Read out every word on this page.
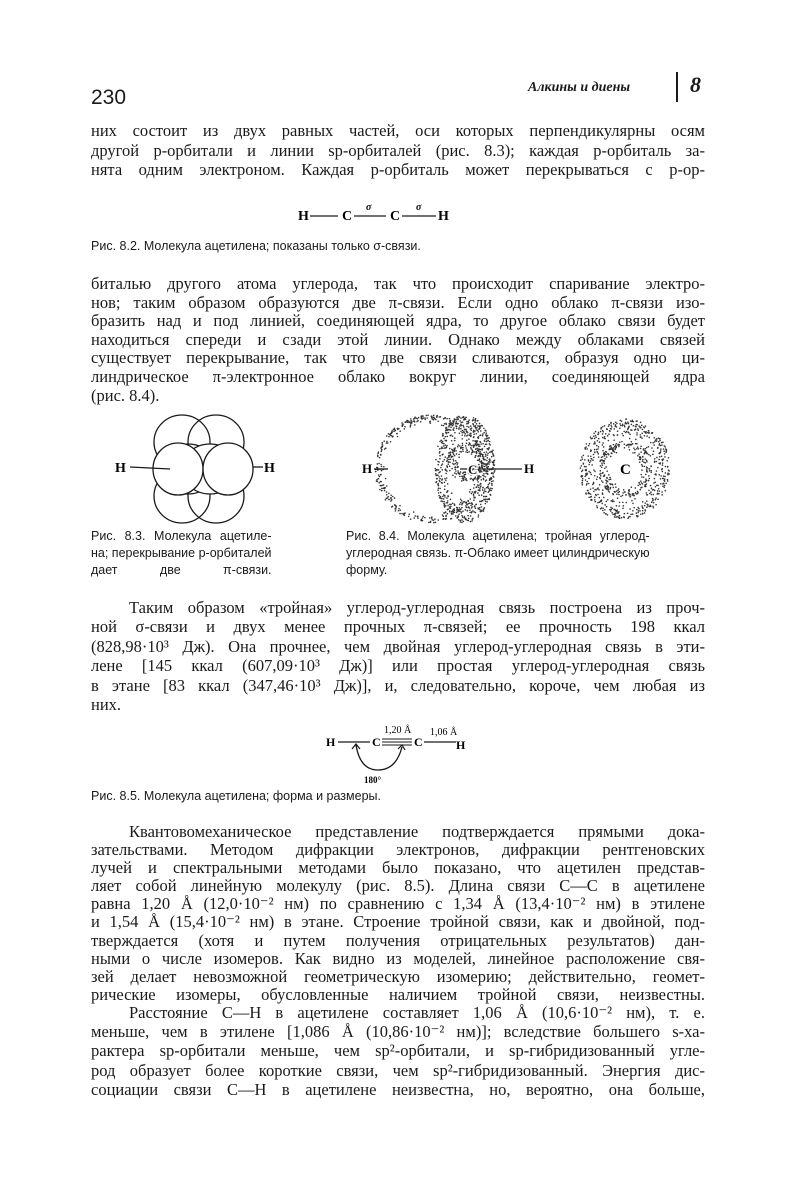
230	Алкины и диены	8
них состоит из двух равных частей, оси которых перпендикулярны осям
другой p-орбитали и линии sp-орбиталей (рис. 8.3); каждая p-орбиталь за-
нята одним электроном. Каждая p-орбиталь может перекрываться с p-ор-
H C
σ
C
σ
H
Рис. 8.2. Молекула ацетилена; показаны только σ-связи.
биталью другого атома углерода, так что происходит спаривание электро-
нов; таким образом образуются две π-связи. Если одно облако π-связи изо-
бразить над и под линией, соединяющей ядра, то другое облако связи будет
находиться спереди и сзади этой линии. Однако между облаками связей
существует перекрывание, так что две связи сливаются, образуя одно ци-
линдрическое π-электронное облако вокруг линии, соединяющей ядра
(рис. 8.4).
H	H
Рис. 8.3. Молекула ацетиле-
на; перекрывание p-орбиталей
дает две π-связи.
H	C	H	C
Рис. 8.4. Молекула ацетилена; тройная углерод-
углеродная связь. π-Облако имеет цилиндрическую
форму.
Таким образом «тройная» углерод-углеродная связь построена из проч-
ной σ-связи и двух менее прочных π-связей; ее прочность 198 ккал
(828,98·10³ Дж). Она прочнее, чем двойная углерод-углеродная связь в эти-
лене [145 ккал (607,09·10³ Дж)] или простая углерод-углеродная связь
в этане [83 ккал (347,46·10³ Дж)], и, следовательно, короче, чем любая из
них.
H	C	C	H
1,20 Å 1,06 Å
180°
Рис. 8.5. Молекула ацетилена; форма и размеры.
Квантовомеханическое представление подтверждается прямыми дока-
зательствами. Методом дифракции электронов, дифракции рентгеновских
лучей и спектральными методами было показано, что ацетилен представ-
ляет собой линейную молекулу (рис. 8.5). Длина связи C—C в ацетилене
равна 1,20 Å (12,0·10⁻² нм) по сравнению с 1,34 Å (13,4·10⁻² нм) в этилене
и 1,54 Å (15,4·10⁻² нм) в этане. Строение тройной связи, как и двойной, под-
тверждается (хотя и путем получения отрицательных результатов) дан-
ными о числе изомеров. Как видно из моделей, линейное расположение свя-
зей делает невозможной геометрическую изомерию; действительно, геомет-
рические изомеры, обусловленные наличием тройной связи, неизвестны.
Расстояние C—H в ацетилене составляет 1,06 Å (10,6·10⁻² нм), т. е.
меньше, чем в этилене [1,086 Å (10,86·10⁻² нм)]; вследствие большего s-ха-
рактера sp-орбитали меньше, чем sp²-орбитали, и sp-гибридизованный угле-
род образует более короткие связи, чем sp²-гибридизованный. Энергия дис-
социации связи C—H в ацетилене неизвестна, но, вероятно, она больше,
